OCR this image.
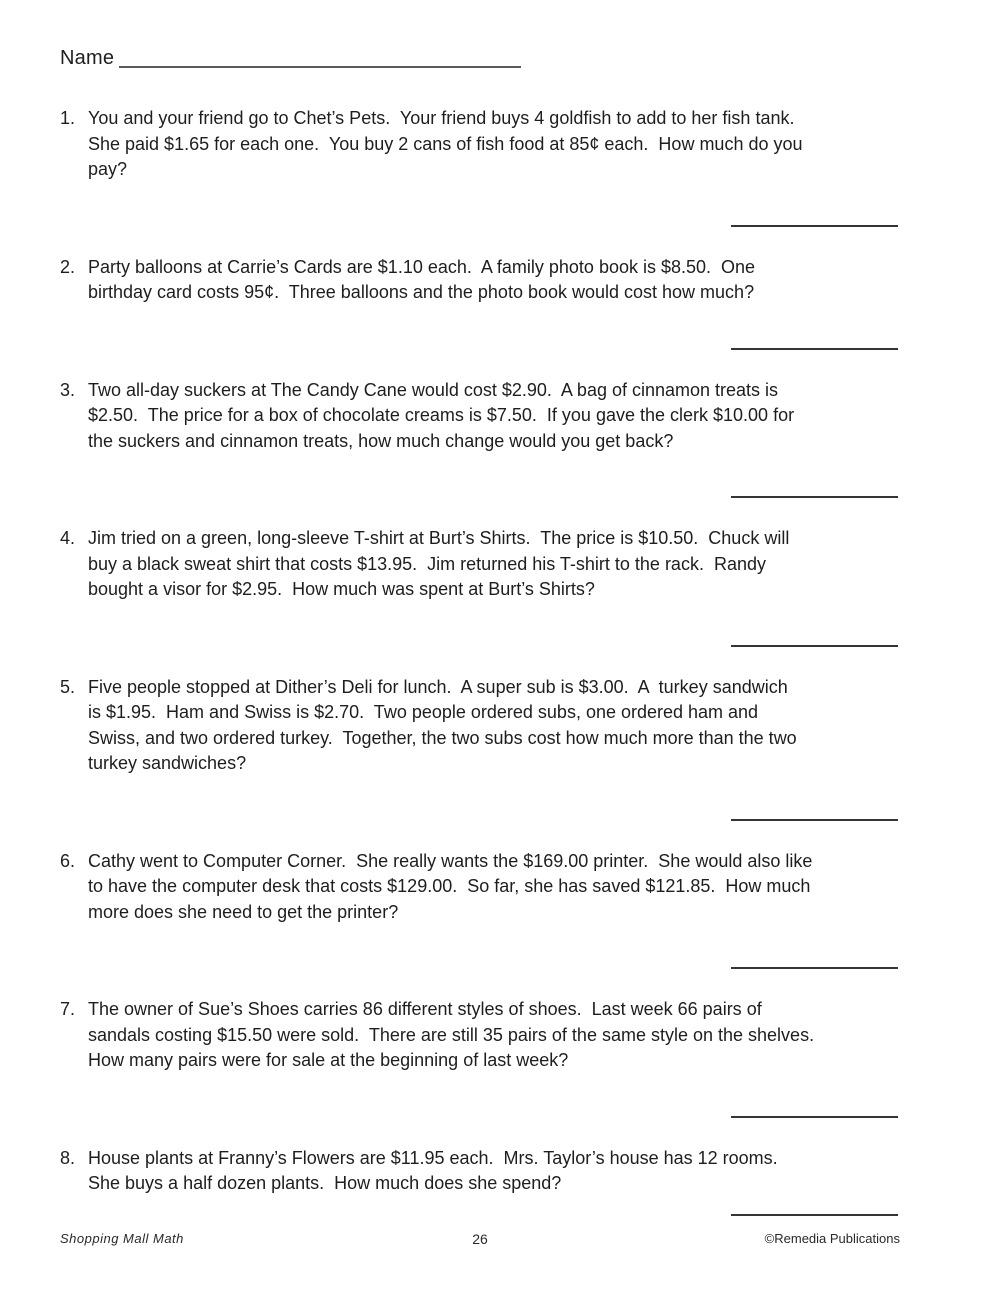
Name
1. You and your friend go to Chet’s Pets.  Your friend buys 4 goldfish to add to her fish tank.
She paid $1.65 for each one.  You buy 2 cans of fish food at 85¢ each.  How much do you
pay?
2. Party balloons at Carrie’s Cards are $1.10 each.  A family photo book is $8.50.  One
birthday card costs 95¢.  Three balloons and the photo book would cost how much?
3. Two all-day suckers at The Candy Cane would cost $2.90.  A bag of cinnamon treats is
$2.50.  The price for a box of chocolate creams is $7.50.  If you gave the clerk $10.00 for
the suckers and cinnamon treats, how much change would you get back?
4. Jim tried on a green, long-sleeve T-shirt at Burt’s Shirts.  The price is $10.50.  Chuck will
buy a black sweat shirt that costs $13.95.  Jim returned his T-shirt to the rack.  Randy
bought a visor for $2.95.  How much was spent at Burt’s Shirts?
5. Five people stopped at Dither’s Deli for lunch.  A super sub is $3.00.  A  turkey sandwich
is $1.95.  Ham and Swiss is $2.70.  Two people ordered subs, one ordered ham and
Swiss, and two ordered turkey.  Together, the two subs cost how much more than the two
turkey sandwiches?
6. Cathy went to Computer Corner.  She really wants the $169.00 printer.  She would also like
to have the computer desk that costs $129.00.  So far, she has saved $121.85.  How much
more does she need to get the printer?
7. The owner of Sue’s Shoes carries 86 different styles of shoes.  Last week 66 pairs of
sandals costing $15.50 were sold.  There are still 35 pairs of the same style on the shelves.
How many pairs were for sale at the beginning of last week?
8. House plants at Franny’s Flowers are $11.95 each.  Mrs. Taylor’s house has 12 rooms.
She buys a half dozen plants.  How much does she spend?
Shopping Mall Math	26	©Remedia Publications
